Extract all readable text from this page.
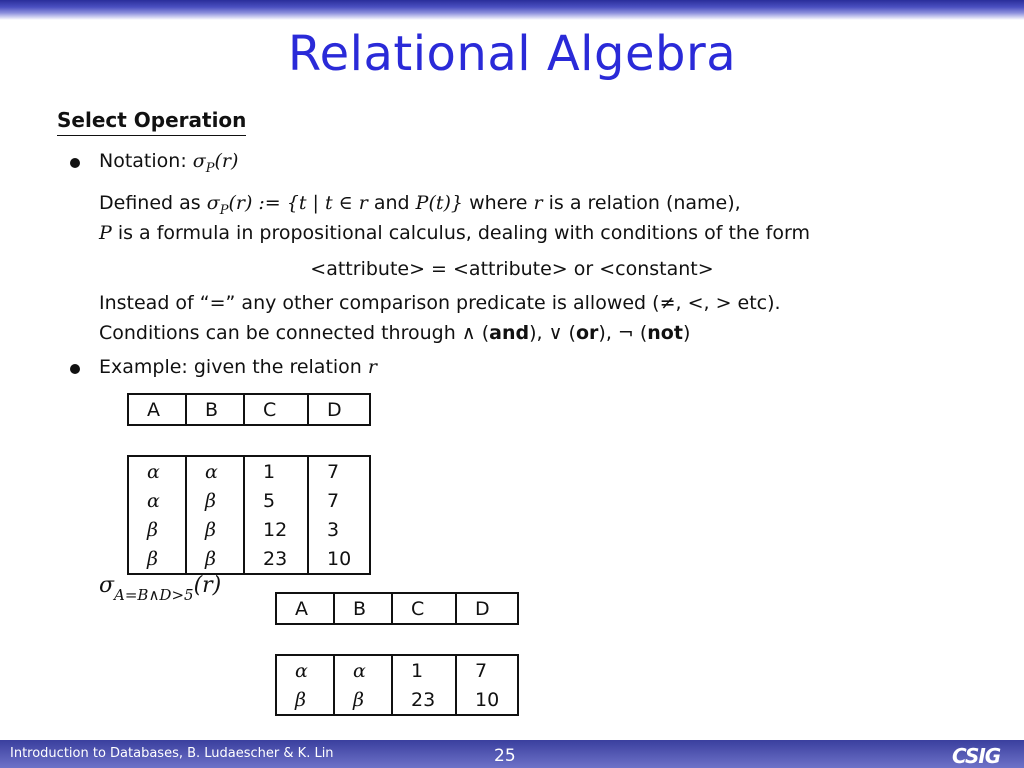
Relational Algebra
Select Operation
Notation: $\sigma_P(r)$
Defined as $\sigma_P(r)$ := {t | t ∈ r and P(t)} where r is a relation (name),
P is a formula in propositional calculus, dealing with conditions of the form
<attribute> = <attribute> or <constant>
Instead of “=” any other comparison predicate is allowed (≠, <, > etc).
Conditions can be connected through ∧ (and), ∨ (or), ¬ (not)
Example: given the relation r
A	B	C	D

α	α	1	7
α	β	5	7
β	β	12	3
β	β	23	10
$\sigma_{A=B\wedge D>5}(r)$
A	B	C	D

α	α	1	7
β	β	23	10
Introduction to Databases, B. Ludaescher & K. Lin	25	CSIG
